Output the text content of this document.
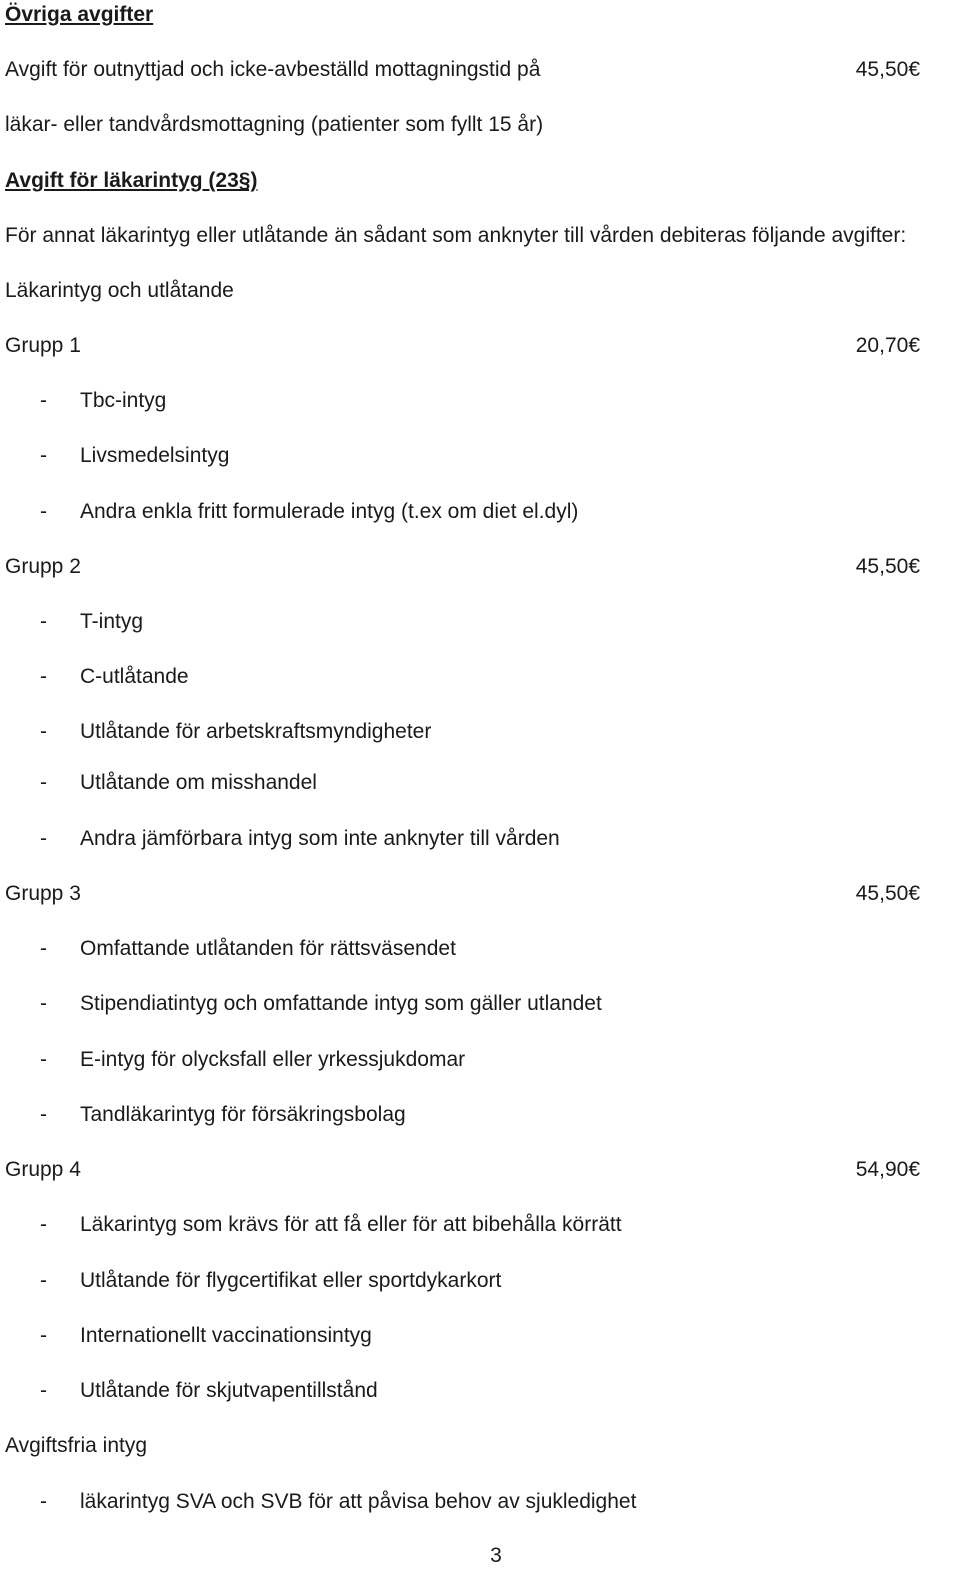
Övriga avgifter
Avgift för outnyttjad och icke-avbeställd mottagningstid på	45,50€
läkar- eller tandvårdsmottagning (patienter som fyllt 15 år)
Avgift för läkarintyg (23§)
För annat läkarintyg eller utlåtande än sådant som anknyter till vården debiteras följande avgifter:
Läkarintyg och utlåtande
Grupp 1	20,70€
- Tbc-intyg
- Livsmedelsintyg
- Andra enkla fritt formulerade intyg (t.ex om diet el.dyl)
Grupp 2	45,50€
- T-intyg
- C-utlåtande
- Utlåtande för arbetskraftsmyndigheter
- Utlåtande om misshandel
- Andra jämförbara intyg som inte anknyter till vården
Grupp 3	45,50€
- Omfattande utlåtanden för rättsväsendet
- Stipendiatintyg och omfattande intyg som gäller utlandet
- E-intyg för olycksfall eller yrkessjukdomar
- Tandläkarintyg för försäkringsbolag
Grupp 4	54,90€
- Läkarintyg som krävs för att få eller för att bibehålla körrätt
- Utlåtande för flygcertifikat eller sportdykarkort
- Internationellt vaccinationsintyg
- Utlåtande för skjutvapentillstånd
Avgiftsfria intyg
- läkarintyg SVA och SVB för att påvisa behov av sjukledighet
3
